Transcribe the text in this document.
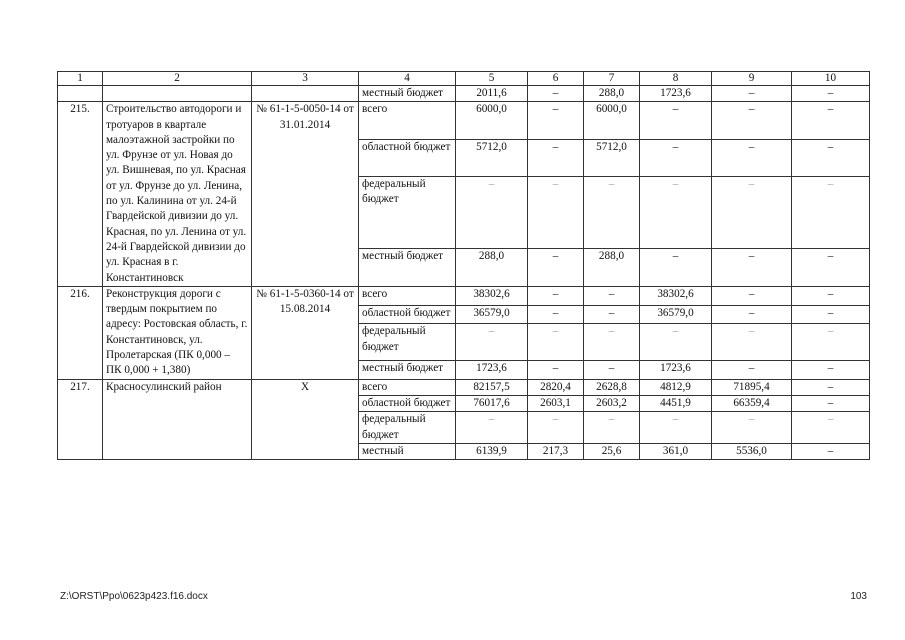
1	2	3	4	5	6	7	8	9	10
			местный бюджет	2011,6	–	288,0	1723,6	–	–
215.	Строительство автодороги и тротуаров в квартале малоэтажной застройки по ул. Фрунзе от ул. Новая до ул. Вишневая, по ул. Красная от ул. Фрунзе до ул. Ленина, по ул. Калинина от ул. 24-й Гвардейской дивизии до ул. Красная, по ул. Ленина от ул. 24-й Гвардейской дивизии до ул. Красная в г. Константиновск	№ 61-1-5-0050-14 от 31.01.2014	всего	6000,0	–	6000,0	–	–	–
			областной бюджет	5712,0	–	5712,0	–	–	–
			федеральный бюджет	–	–	–	–	–	–
			местный бюджет	288,0	–	288,0	–	–	–
216.	Реконструкция дороги с твердым покрытием по адресу: Ростовская область, г. Константиновск, ул. Пролетарская (ПК 0,000 – ПК 0,000 + 1,380)	№ 61-1-5-0360-14 от 15.08.2014	всего	38302,6	–	–	38302,6	–	–
			областной бюджет	36579,0	–	–	36579,0	–	–
			федеральный бюджет	–	–	–	–	–	–
			местный бюджет	1723,6	–	–	1723,6	–	–
217.	Красносулинский район	Х	всего	82157,5	2820,4	2628,8	4812,9	71895,4	–
			областной бюджет	76017,6	2603,1	2603,2	4451,9	66359,4	–
			федеральный бюджет	–	–	–	–	–	–
			местный	6139,9	217,3	25,6	361,0	5536,0	–
Z:\ORST\Ppo\0623p423.f16.docx	103
